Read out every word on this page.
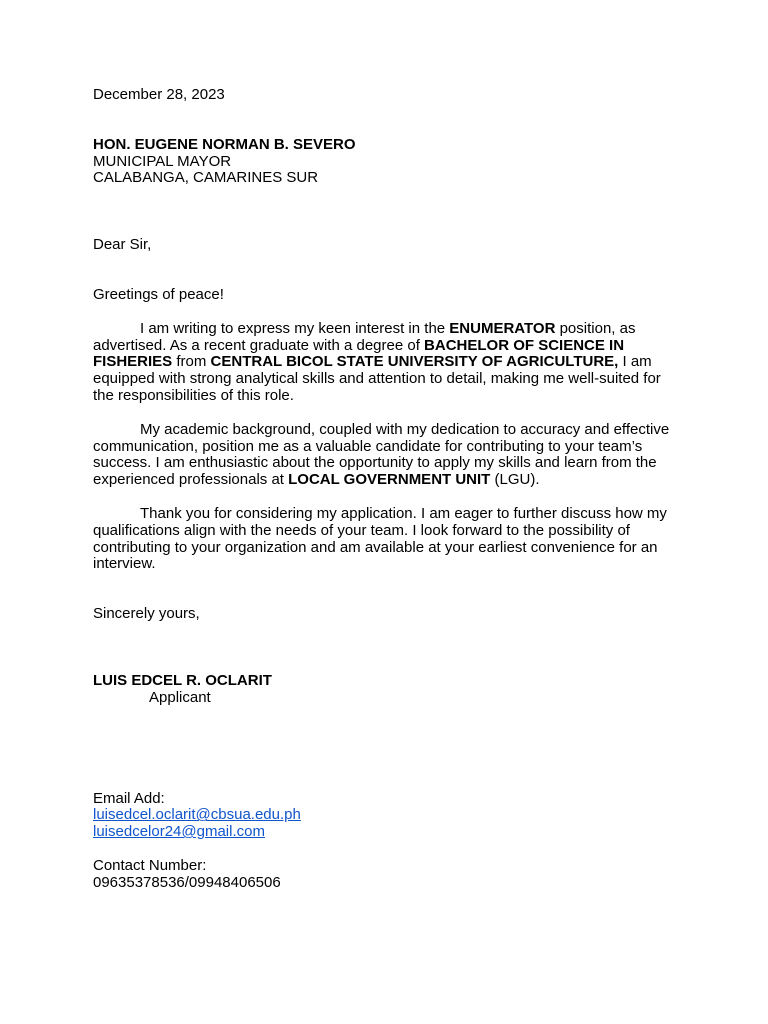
December 28, 2023
HON. EUGENE NORMAN B. SEVERO
MUNICIPAL MAYOR
CALABANGA, CAMARINES SUR
Dear Sir,
Greetings of peace!

I am writing to express my keen interest in the ENUMERATOR position, as advertised. As a recent graduate with a degree of BACHELOR OF SCIENCE IN FISHERIES from CENTRAL BICOL STATE UNIVERSITY OF AGRICULTURE, I am equipped with strong analytical skills and attention to detail, making me well-suited for the responsibilities of this role.

My academic background, coupled with my dedication to accuracy and effective communication, position me as a valuable candidate for contributing to your team’s success. I am enthusiastic about the opportunity to apply my skills and learn from the experienced professionals at LOCAL GOVERNMENT UNIT (LGU).

Thank you for considering my application. I am eager to further discuss how my qualifications align with the needs of your team. I look forward to the possibility of contributing to your organization and am available at your earliest convenience for an interview.

Sincerely yours,
LUIS EDCEL R. OCLARIT
Applicant
Email Add:
luisedcel.oclarit@cbsua.edu.ph
luisedcelor24@gmail.com
Contact Number:
09635378536/09948406506
